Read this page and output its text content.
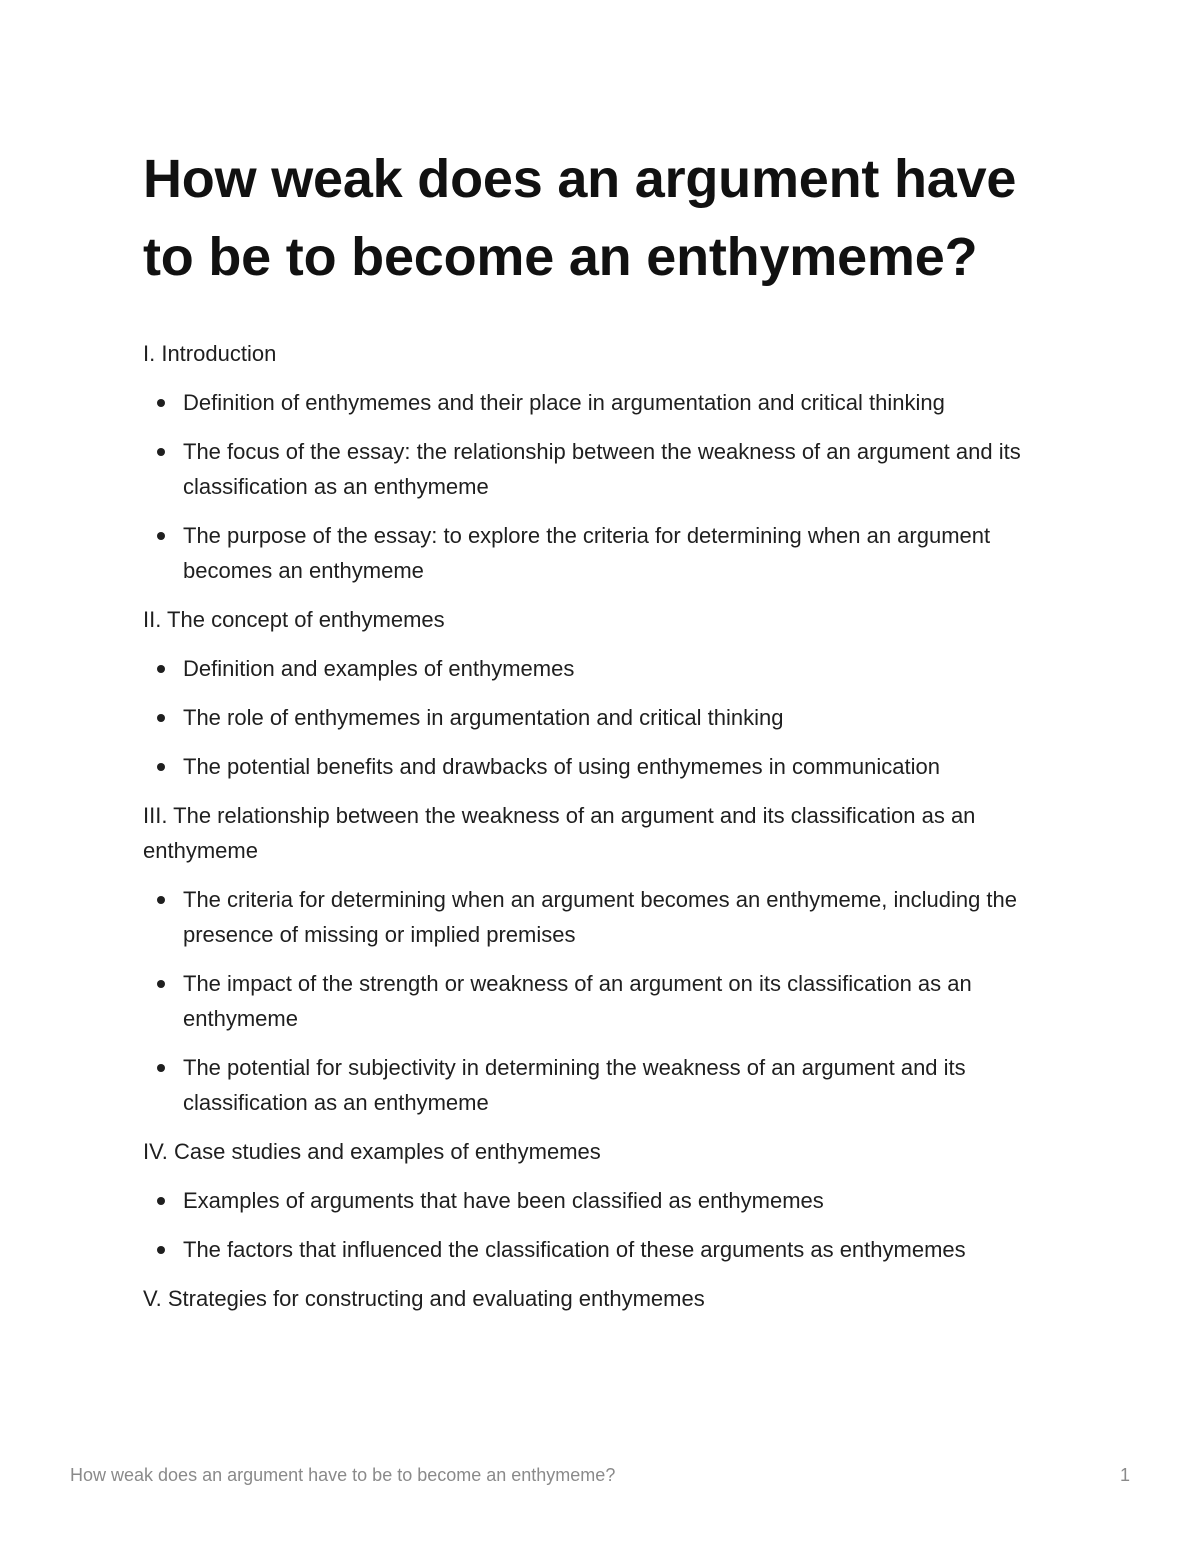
How weak does an argument have to be to become an enthymeme?
I. Introduction
Definition of enthymemes and their place in argumentation and critical thinking
The focus of the essay: the relationship between the weakness of an argument and its classification as an enthymeme
The purpose of the essay: to explore the criteria for determining when an argument becomes an enthymeme
II. The concept of enthymemes
Definition and examples of enthymemes
The role of enthymemes in argumentation and critical thinking
The potential benefits and drawbacks of using enthymemes in communication
III. The relationship between the weakness of an argument and its classification as an enthymeme
The criteria for determining when an argument becomes an enthymeme, including the presence of missing or implied premises
The impact of the strength or weakness of an argument on its classification as an enthymeme
The potential for subjectivity in determining the weakness of an argument and its classification as an enthymeme
IV. Case studies and examples of enthymemes
Examples of arguments that have been classified as enthymemes
The factors that influenced the classification of these arguments as enthymemes
V. Strategies for constructing and evaluating enthymemes
How weak does an argument have to be to become an enthymeme?	1
